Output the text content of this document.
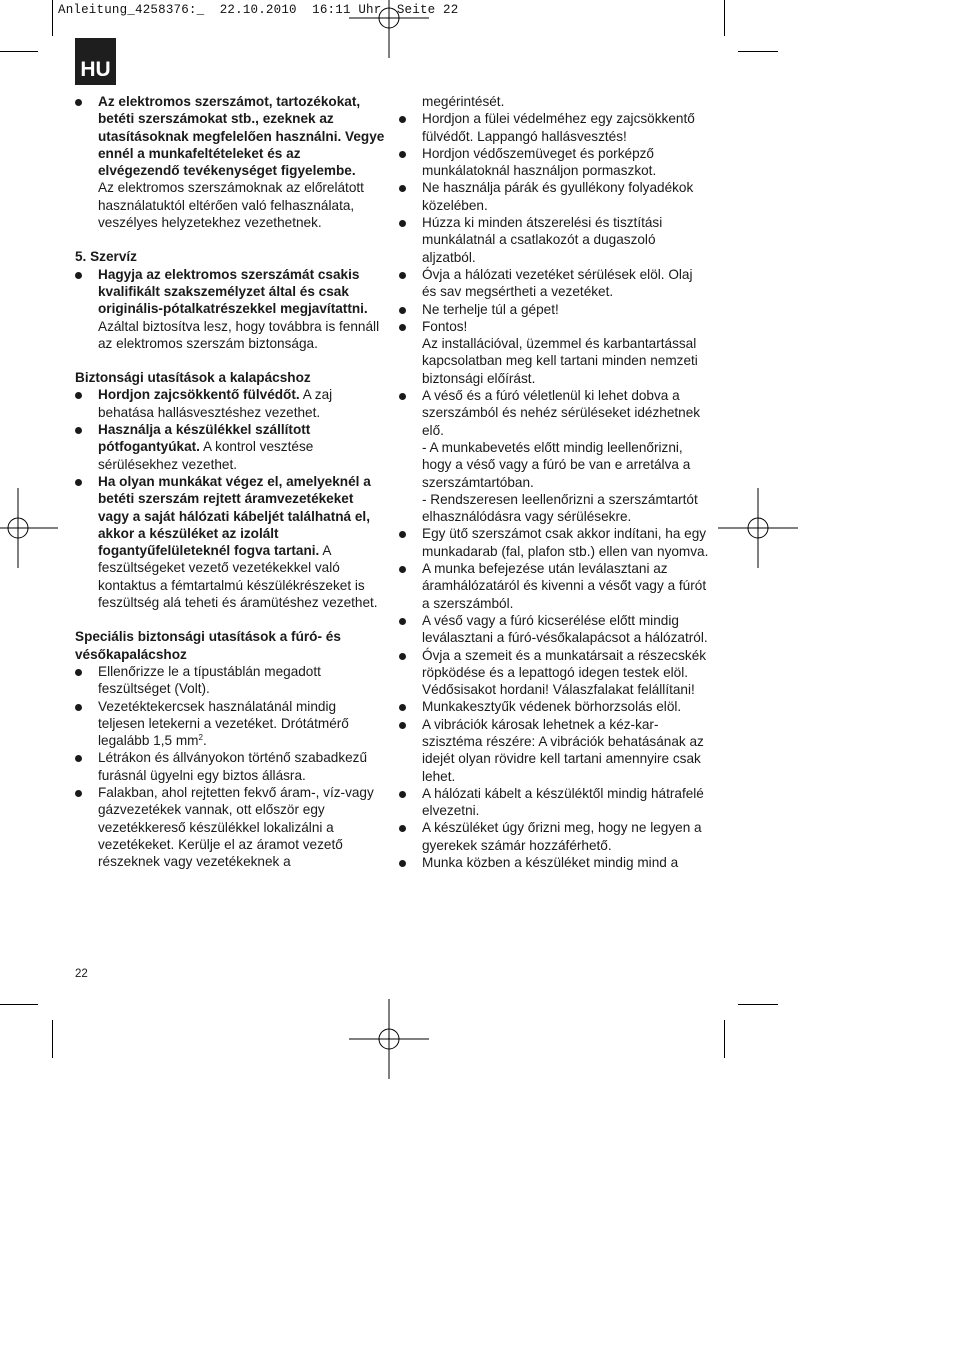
Anleitung_4258376:_  22.10.2010  16:11 Uhr  Seite 22
HU
Az elektromos szerszámot, tartozékokat, betéti szerszámokat stb., ezeknek az utasításoknak megfelelően használni. Vegye ennél a munkafeltételeket és az elvégezendő tevékenységet figyelembe.
Az elektromos szerszámoknak az előrelátott használatuktól eltérően való felhasználata, veszélyes helyzetekhez vezethetnek.
5. Szervíz
Hagyja az elektromos szerszámát csakis kvalifikált szakszemélyzet által és csak originális-pótalkatrészekkel megjavítattni.
Azáltal biztosítva lesz, hogy továbbra is fennáll az elektromos szerszám biztonsága.
Biztonsági utasítások a kalapácshoz
Hordjon zajcsökkentő fülvédőt. A zaj behatása hallásvesztéshez vezethet.
Használja a készülékkel szállított pótfogantyúkat. A kontrol vesztése sérülésekhez vezethet.
Ha olyan munkákat végez el, amelyeknél a betéti szerszám rejtett áramvezetékeket vagy a saját hálózati kábeljét találhatná el, akkor a készüléket az izolált fogantyűfelületeknél fogva tartani. A feszültségeket vezető vezetékekkel való kontaktus a fémtartalmú készülékrészeket is feszültség alá teheti és áramütéshez vezethet.
Speciális biztonsági utasítások a fúró- és vésőkapalácshoz
Ellenőrizze le a típustáblán megadott feszültséget (Volt).
Vezetéktekercsek használatánál mindig teljesen letekerni a vezetéket. Drótátmérő legalább 1,5 $mm^2$.
Létrákon és állványokon történő szabadkezű furásnál ügyelni egy biztos állásra.
Falakban, ahol rejtetten fekvő áram-, víz-vagy gázvezetékek vannak, ott először egy vezetékkereső készülékkel lokalizálni a vezetékeket. Kerülje el az áramot vezető részeknek vagy vezetékeknek a
megérintését.
Hordjon a fülei védelméhez egy zajcsökkentő fülvédőt. Lappangó hallásvesztés!
Hordjon védőszemüveget és porképző munkálatoknál használjon pormaszkot.
Ne használja párák és gyullékony folyadékok közelében.
Húzza ki minden átszerelési és tisztítási munkálatnál a csatlakozót a dugaszoló aljzatból.
Óvja a hálózati vezetéket sérülések elöl. Olaj és sav megsértheti a vezetéket.
Ne terhelje túl a gépet!
Fontos!
Az installációval, üzemmel és karbantartással kapcsolatban meg kell tartani minden nemzeti biztonsági előírást.
A véső és a fúró véletlenül ki lehet dobva a szerszámból és nehéz sérüléseket idézhetnek elő.
- A munkabevetés előtt mindig leellenőrizni, hogy a véső vagy a fúró be van e arretálva a szerszámtartóban.
- Rendszeresen leellenőrizni a szerszámtartót elhasználódásra vagy sérülésekre.
Egy ütő szerszámot csak akkor indítani, ha egy munkadarab (fal, plafon stb.) ellen van nyomva.
A munka befejezése után leválasztani az áramhálózatáról és kivenni a vésőt vagy a fúrót a szerszámból.
A véső vagy a fúró kicserélése előtt mindig leválasztani a fúró-vésőkalapácsot a hálózatról.
Óvja a szemeit és a munkatársait a részecskék röpködése és a lepattogó idegen testek elöl. Védősisakot hordani! Válaszfalakat felállítani!
Munkakesztyűk védenek börhorzsolás elöl.
A vibrációk károsak lehetnek a kéz-kar-szisztéma részére: A vibrációk behatásának az idejét olyan rövidre kell tartani amennyire csak lehet.
A hálózati kábelt a készüléktől mindig hátrafelé elvezetni.
A készüléket úgy őrizni meg, hogy ne legyen a gyerekek számár hozzáférhető.
Munka közben a készüléket mindig mind a
22
